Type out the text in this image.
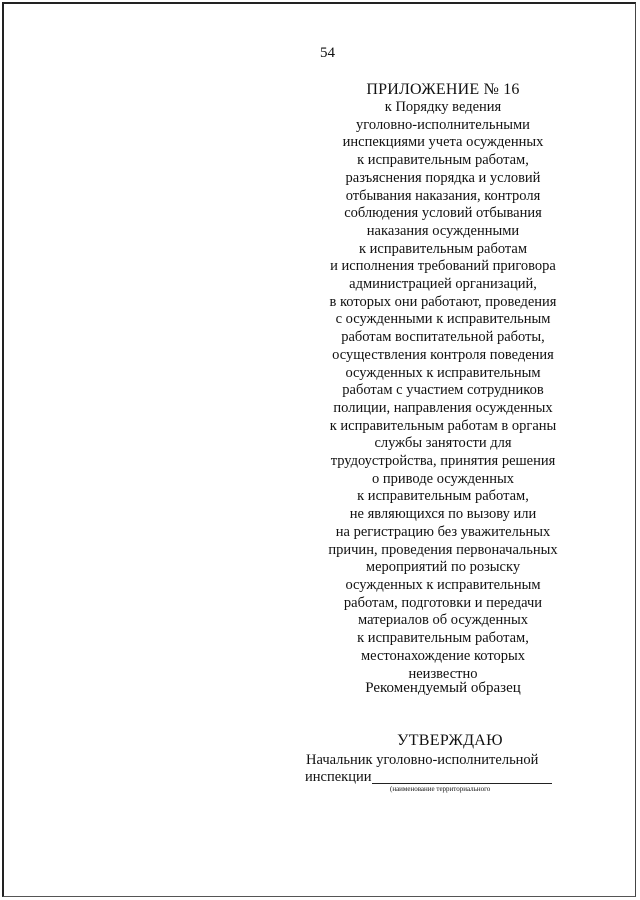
54
ПРИЛОЖЕНИЕ № 16
к Порядку ведения
уголовно-исполнительными
инспекциями учета осужденных
к исправительным работам,
разъяснения порядка и условий
отбывания наказания, контроля
соблюдения условий отбывания
наказания осужденными
к исправительным работам
и исполнения требований приговора
администрацией организаций,
в которых они работают, проведения
с осужденными к исправительным
работам воспитательной работы,
осуществления контроля поведения
осужденных к исправительным
работам с участием сотрудников
полиции, направления осужденных
к исправительным работам в органы
службы занятости для
трудоустройства, принятия решения
о приводе осужденных
к исправительным работам,
не являющихся по вызову или
на регистрацию без уважительных
причин, проведения первоначальных
мероприятий по розыску
осужденных к исправительным
работам, подготовки и передачи
материалов об осужденных
к исправительным работам,
местонахождение которых
неизвестно
Рекомендуемый образец
УТВЕРЖДАЮ
Начальник уголовно-исполнительной
инспекции
(наименование территориального
